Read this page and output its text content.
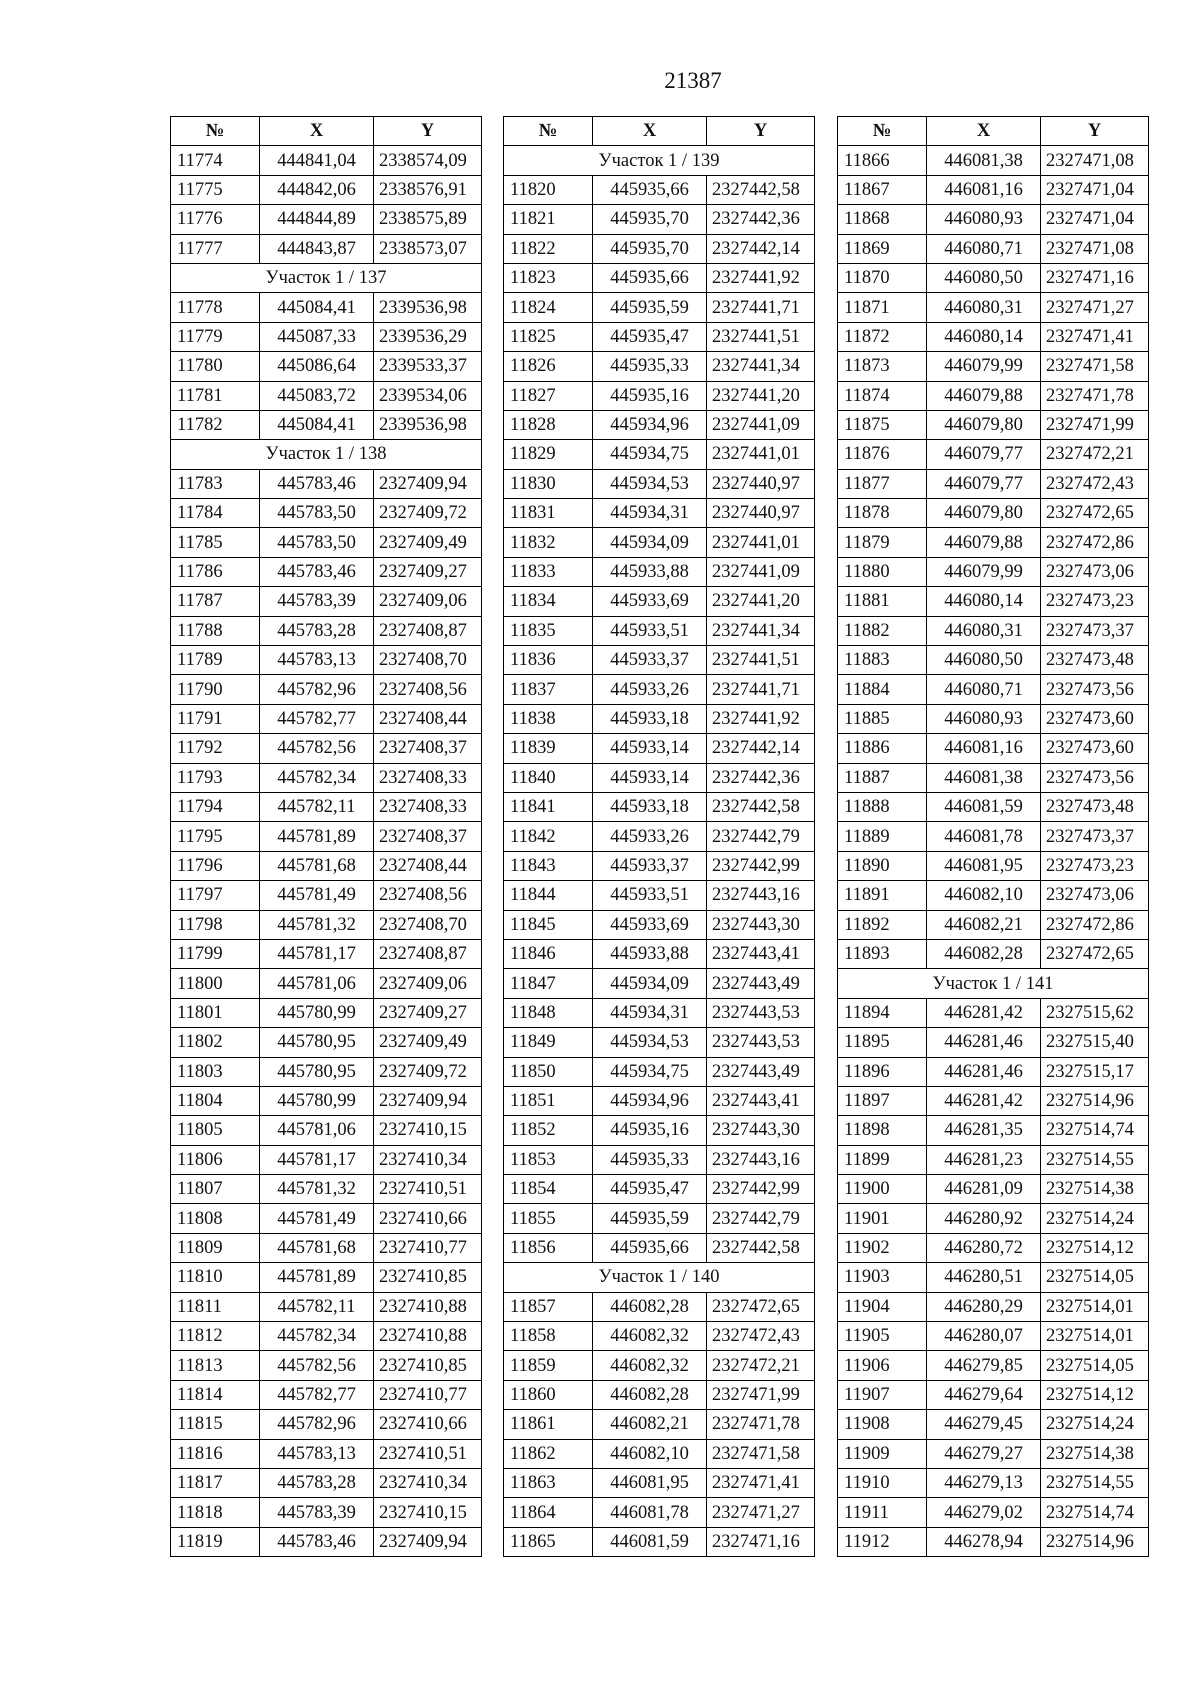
21387
№	X	Y
11774	444841,04	2338574,09
11775	444842,06	2338576,91
11776	444844,89	2338575,89
11777	444843,87	2338573,07
Участок 1 / 137		
11778	445084,41	2339536,98
11779	445087,33	2339536,29
11780	445086,64	2339533,37
11781	445083,72	2339534,06
11782	445084,41	2339536,98
Участок 1 / 138		
11783	445783,46	2327409,94
11784	445783,50	2327409,72
11785	445783,50	2327409,49
11786	445783,46	2327409,27
11787	445783,39	2327409,06
11788	445783,28	2327408,87
11789	445783,13	2327408,70
11790	445782,96	2327408,56
11791	445782,77	2327408,44
11792	445782,56	2327408,37
11793	445782,34	2327408,33
11794	445782,11	2327408,33
11795	445781,89	2327408,37
11796	445781,68	2327408,44
11797	445781,49	2327408,56
11798	445781,32	2327408,70
11799	445781,17	2327408,87
11800	445781,06	2327409,06
11801	445780,99	2327409,27
11802	445780,95	2327409,49
11803	445780,95	2327409,72
11804	445780,99	2327409,94
11805	445781,06	2327410,15
11806	445781,17	2327410,34
11807	445781,32	2327410,51
11808	445781,49	2327410,66
11809	445781,68	2327410,77
11810	445781,89	2327410,85
11811	445782,11	2327410,88
11812	445782,34	2327410,88
11813	445782,56	2327410,85
11814	445782,77	2327410,77
11815	445782,96	2327410,66
11816	445783,13	2327410,51
11817	445783,28	2327410,34
11818	445783,39	2327410,15
11819	445783,46	2327409,94
№	X	Y
Участок 1 / 139		
11820	445935,66	2327442,58
11821	445935,70	2327442,36
11822	445935,70	2327442,14
11823	445935,66	2327441,92
11824	445935,59	2327441,71
11825	445935,47	2327441,51
11826	445935,33	2327441,34
11827	445935,16	2327441,20
11828	445934,96	2327441,09
11829	445934,75	2327441,01
11830	445934,53	2327440,97
11831	445934,31	2327440,97
11832	445934,09	2327441,01
11833	445933,88	2327441,09
11834	445933,69	2327441,20
11835	445933,51	2327441,34
11836	445933,37	2327441,51
11837	445933,26	2327441,71
11838	445933,18	2327441,92
11839	445933,14	2327442,14
11840	445933,14	2327442,36
11841	445933,18	2327442,58
11842	445933,26	2327442,79
11843	445933,37	2327442,99
11844	445933,51	2327443,16
11845	445933,69	2327443,30
11846	445933,88	2327443,41
11847	445934,09	2327443,49
11848	445934,31	2327443,53
11849	445934,53	2327443,53
11850	445934,75	2327443,49
11851	445934,96	2327443,41
11852	445935,16	2327443,30
11853	445935,33	2327443,16
11854	445935,47	2327442,99
11855	445935,59	2327442,79
11856	445935,66	2327442,58
Участок 1 / 140		
11857	446082,28	2327472,65
11858	446082,32	2327472,43
11859	446082,32	2327472,21
11860	446082,28	2327471,99
11861	446082,21	2327471,78
11862	446082,10	2327471,58
11863	446081,95	2327471,41
11864	446081,78	2327471,27
11865	446081,59	2327471,16
№	X	Y
11866	446081,38	2327471,08
11867	446081,16	2327471,04
11868	446080,93	2327471,04
11869	446080,71	2327471,08
11870	446080,50	2327471,16
11871	446080,31	2327471,27
11872	446080,14	2327471,41
11873	446079,99	2327471,58
11874	446079,88	2327471,78
11875	446079,80	2327471,99
11876	446079,77	2327472,21
11877	446079,77	2327472,43
11878	446079,80	2327472,65
11879	446079,88	2327472,86
11880	446079,99	2327473,06
11881	446080,14	2327473,23
11882	446080,31	2327473,37
11883	446080,50	2327473,48
11884	446080,71	2327473,56
11885	446080,93	2327473,60
11886	446081,16	2327473,60
11887	446081,38	2327473,56
11888	446081,59	2327473,48
11889	446081,78	2327473,37
11890	446081,95	2327473,23
11891	446082,10	2327473,06
11892	446082,21	2327472,86
11893	446082,28	2327472,65
Участок 1 / 141		
11894	446281,42	2327515,62
11895	446281,46	2327515,40
11896	446281,46	2327515,17
11897	446281,42	2327514,96
11898	446281,35	2327514,74
11899	446281,23	2327514,55
11900	446281,09	2327514,38
11901	446280,92	2327514,24
11902	446280,72	2327514,12
11903	446280,51	2327514,05
11904	446280,29	2327514,01
11905	446280,07	2327514,01
11906	446279,85	2327514,05
11907	446279,64	2327514,12
11908	446279,45	2327514,24
11909	446279,27	2327514,38
11910	446279,13	2327514,55
11911	446279,02	2327514,74
11912	446278,94	2327514,96
